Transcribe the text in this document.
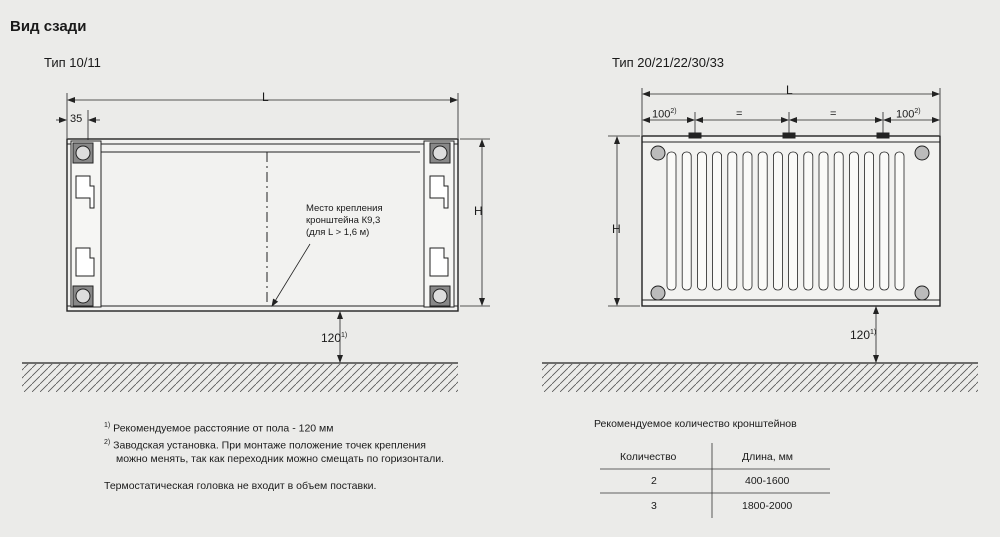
Вид сзади
Тип 10/11	Тип 20/21/22/30/33
L
35
H
120$^{1)}$
Место крепления
кронштейна К9,3
(для L > 1,6 м)
L
$100^{2)}$	=	=	$100^{2)}$
H
120$^{1)}$
$^{1)}$ Рекомендуемое расстояние от пола - 120 мм
$^{2)}$ Заводская установка. При монтаже положение точек крепления
можно менять, так как переходник можно смещать по горизонтали.
Термостатическая головка не входит в объем поставки.
Рекомендуемое количество кронштейнов
Количество	Длина, мм
2	400-1600
3	1800-2000
